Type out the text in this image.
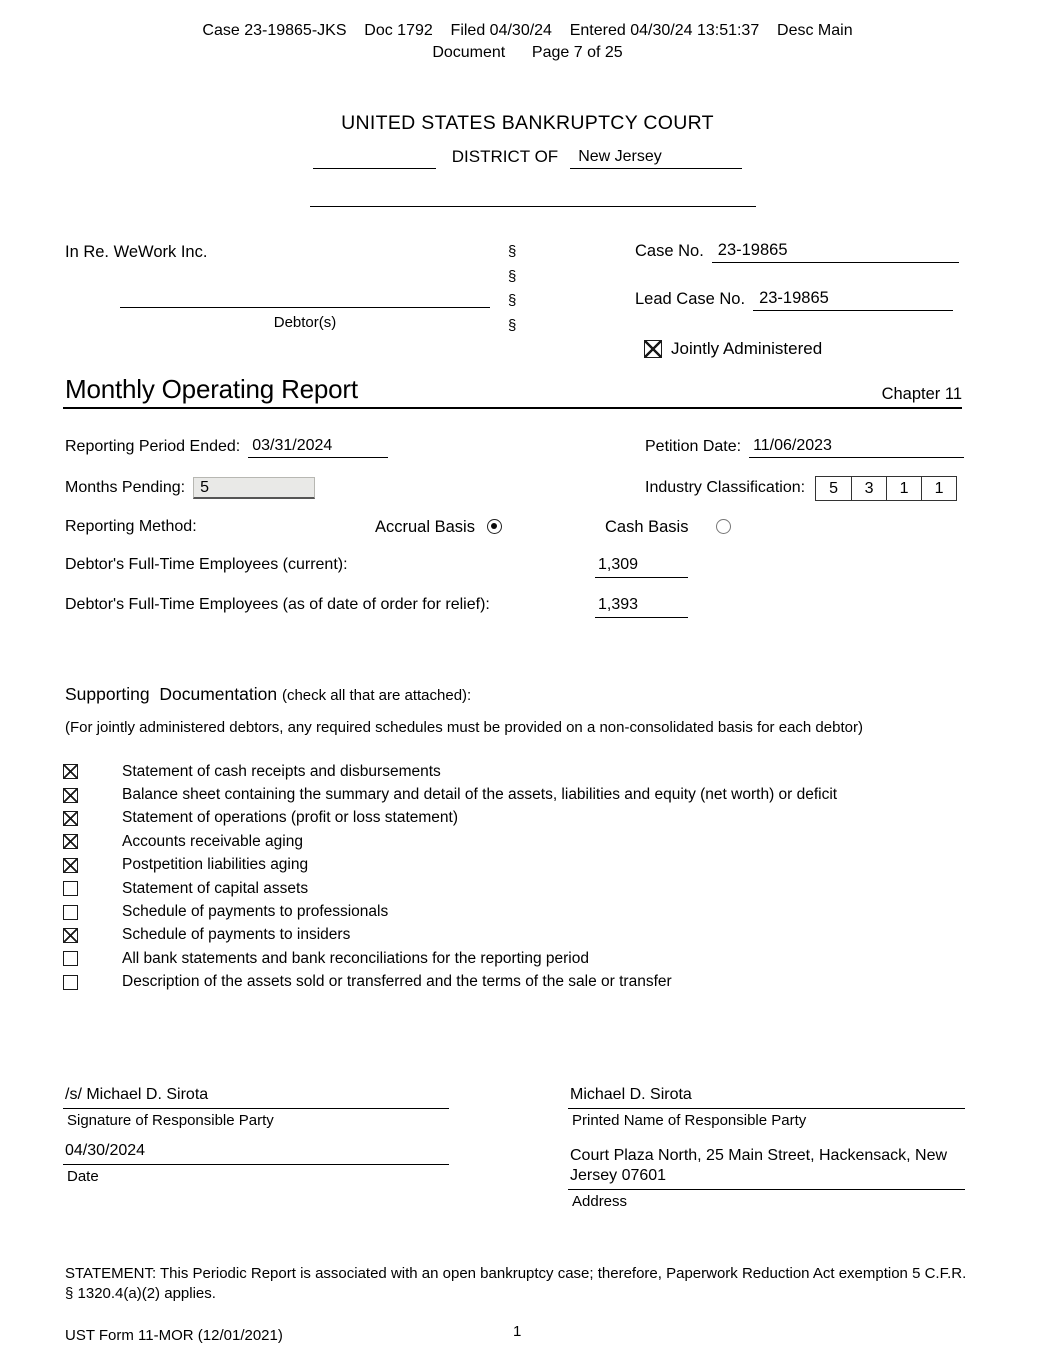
Case 23-19865-JKS    Doc 1792    Filed 04/30/24    Entered 04/30/24 13:51:37    Desc Main
Document      Page 7 of 25
UNITED STATES BANKRUPTCY COURT
DISTRICT OF	New Jersey
In Re. WeWork Inc.
Debtor(s)
§
§
§
§
Case No. 23-19865
Lead Case No. 23-19865
Jointly Administered
Monthly Operating Report	Chapter 11
Reporting Period Ended: 03/31/2024	Petition Date: 11/06/2023
Months Pending: 5	Industry Classification:	5	3	1	1
Reporting Method:	Accrual Basis
	Cash Basis
Debtor's Full-Time Employees (current):	1,309
Debtor's Full-Time Employees (as of date of order for relief):	1,393
Supporting  Documentation (check all that are attached):
(For jointly administered debtors, any required schedules must be provided on a non-consolidated basis for each debtor)
Statement of cash receipts and disbursements
Balance sheet containing the summary and detail of the assets, liabilities and equity (net worth) or deficit
Statement of operations (profit or loss statement)
Accounts receivable aging
Postpetition liabilities aging
Statement of capital assets
Schedule of payments to professionals
Schedule of payments to insiders
All bank statements and bank reconciliations for the reporting period
Description of the assets sold or transferred and the terms of the sale or transfer
/s/ Michael D. Sirota
Signature of Responsible Party
04/30/2024
Date
Michael D. Sirota
Printed Name of Responsible Party
Court Plaza North, 25 Main Street, Hackensack, New Jersey 07601
Address
STATEMENT: This Periodic Report is associated with an open bankruptcy case; therefore, Paperwork Reduction Act exemption 5 C.F.R. § 1320.4(a)(2) applies.
UST Form 11-MOR (12/01/2021)	1
